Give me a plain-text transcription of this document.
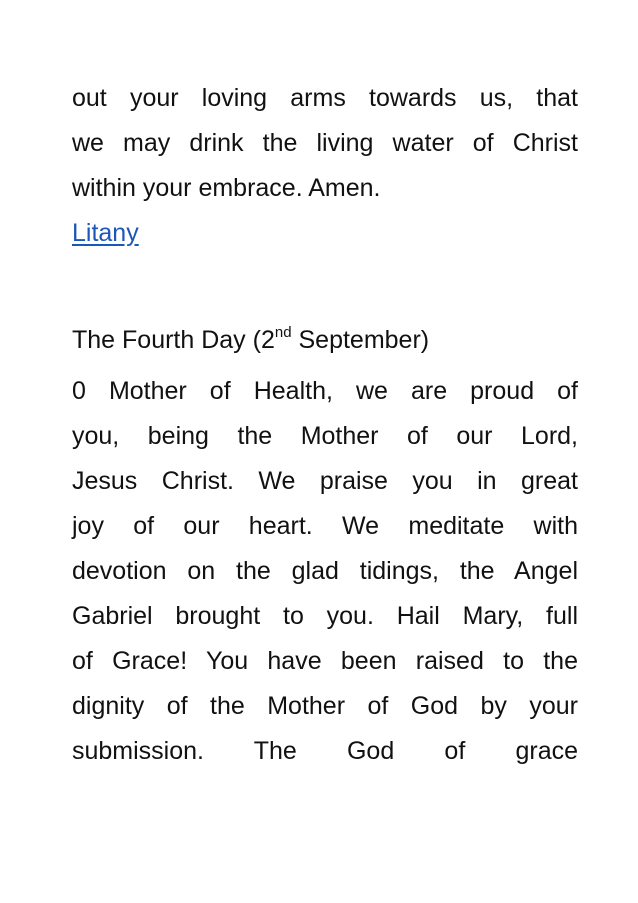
out your loving arms towards us, that
we may drink the living water of Christ
within your embrace. Amen.
Litany
The Fourth Day (2nd September)
0 Mother of Health, we are proud of
you, being the Mother of our Lord,
Jesus Christ. We praise you in great
joy of our heart. We meditate with
devotion on the glad tidings, the Angel
Gabriel brought to you. Hail Mary, full
of Grace! You have been raised to the
dignity of the Mother of God by your
submission. The God of grace
